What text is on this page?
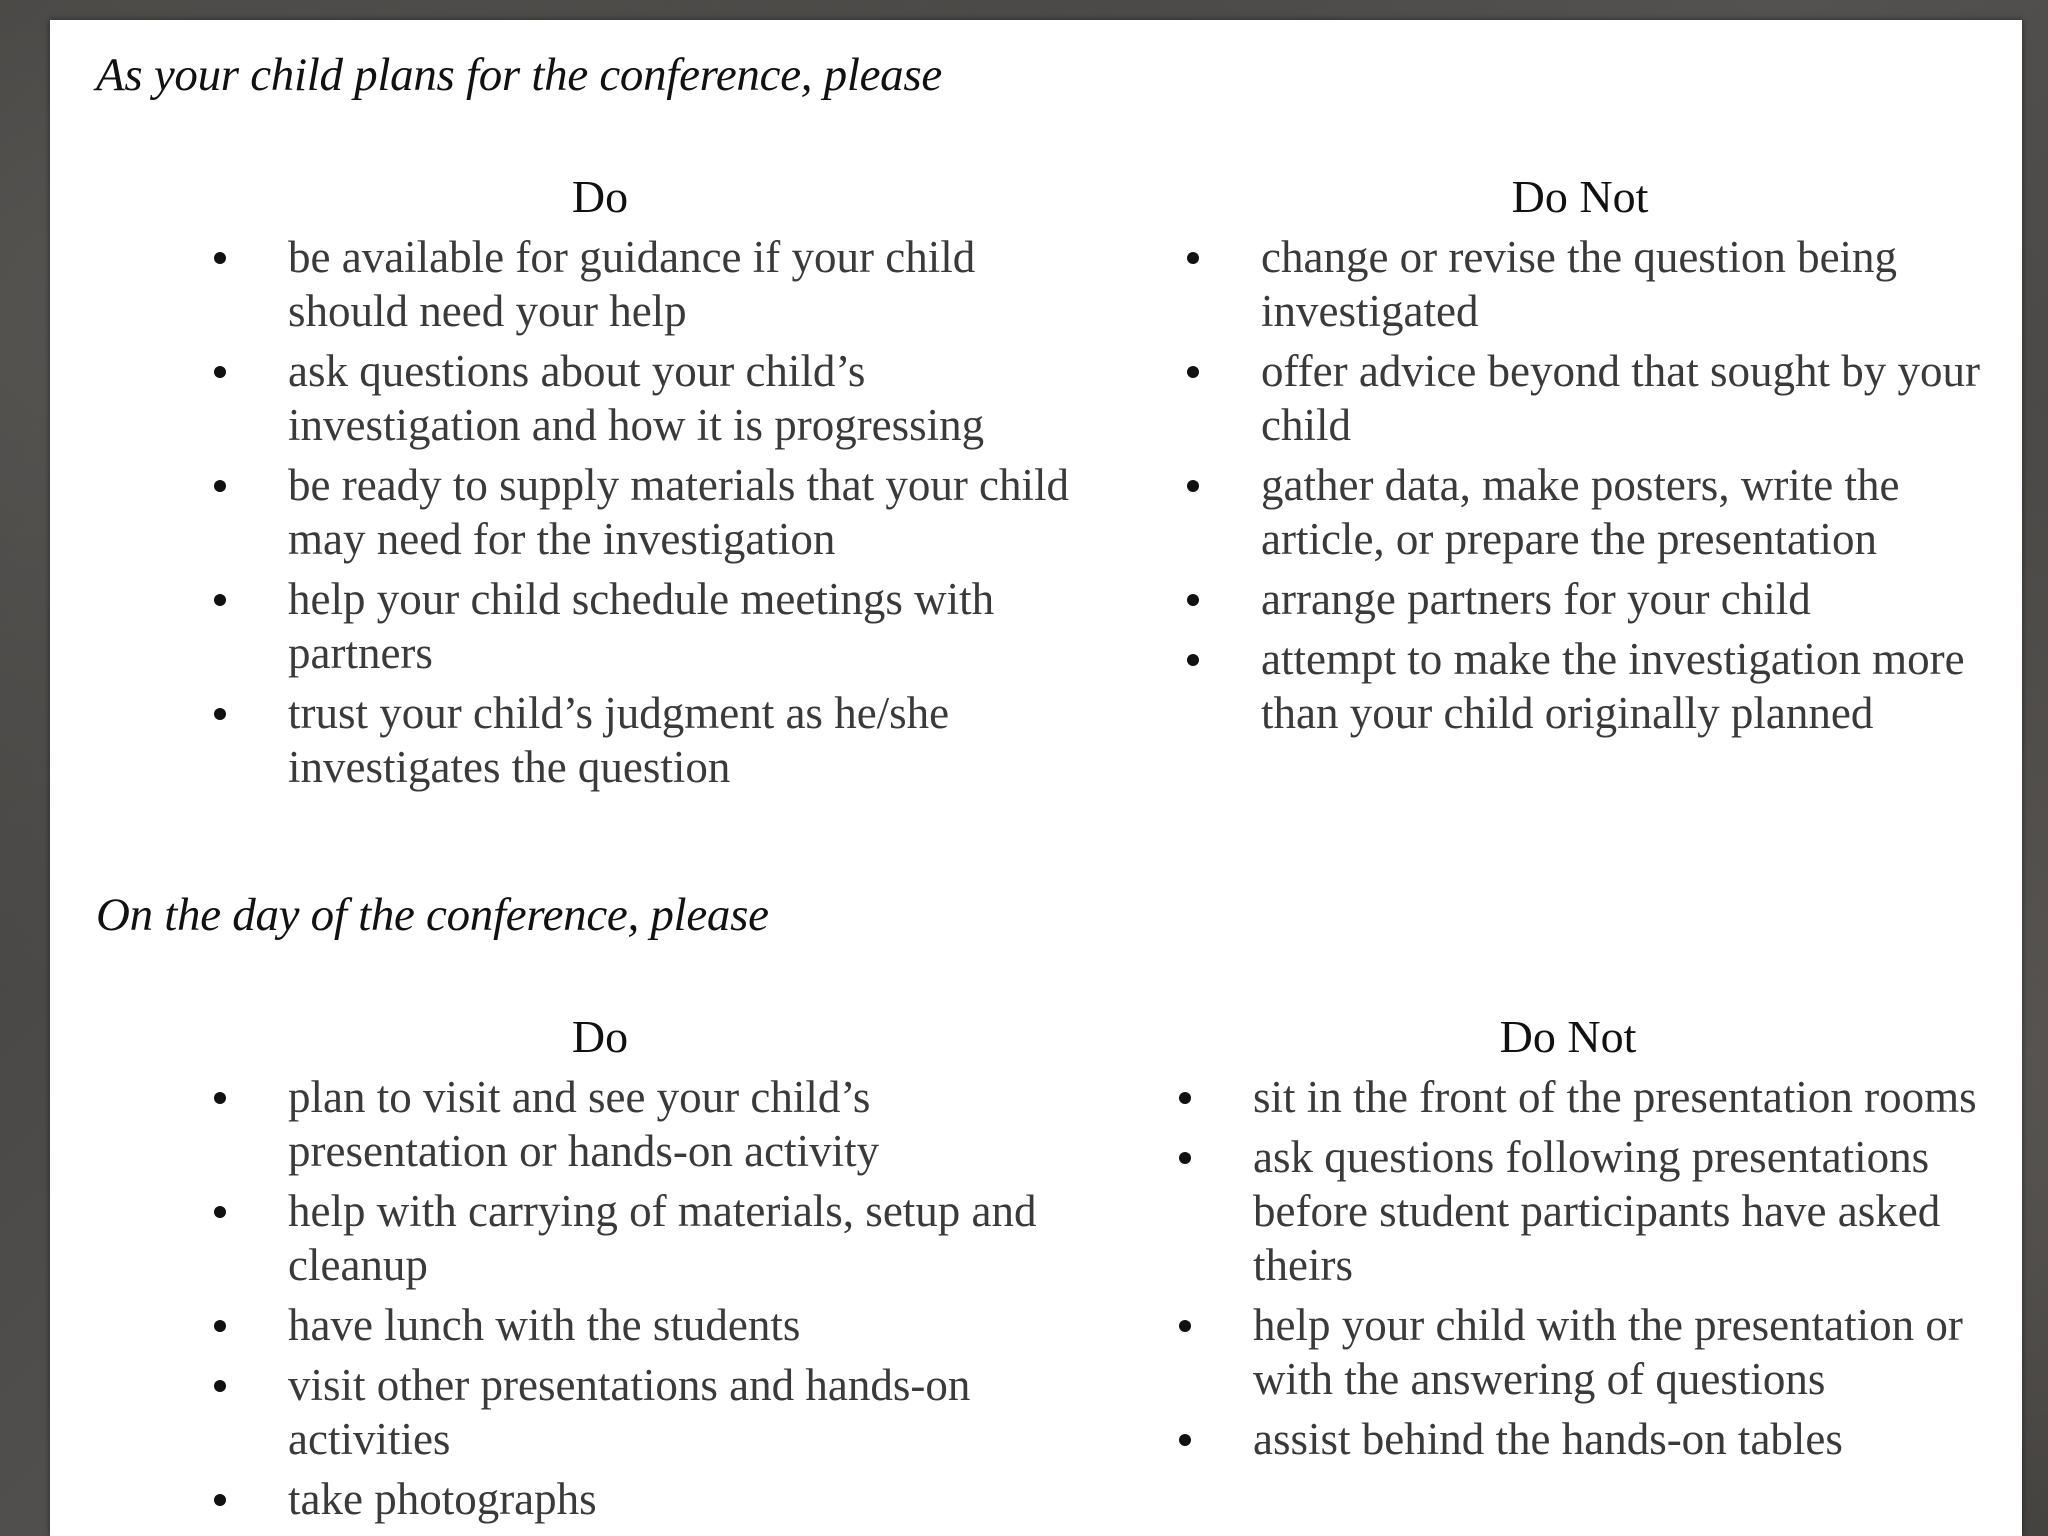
As your child plans for the conference, please
Do
be available for guidance if your child should need your help
ask questions about your child’s investigation and how it is progressing
be ready to supply materials that your child may need for the investigation
help your child schedule meetings with partners
trust your child’s judgment as he/she investigates the question
Do Not
change or revise the question being investigated
offer advice beyond that sought by your child
gather data, make posters, write the article, or prepare the presentation
arrange partners for your child
attempt to make the investigation more than your child originally planned
On the day of the conference, please
Do
plan to visit and see your child’s presentation or hands-on activity
help with carrying of materials, setup and cleanup
have lunch with the students
visit other presentations and hands-on activities
take photographs
Do Not
sit in the front of the presentation rooms
ask questions following presentations before student participants have asked theirs
help your child with the presentation or with the answering of questions
assist behind the hands-on tables
